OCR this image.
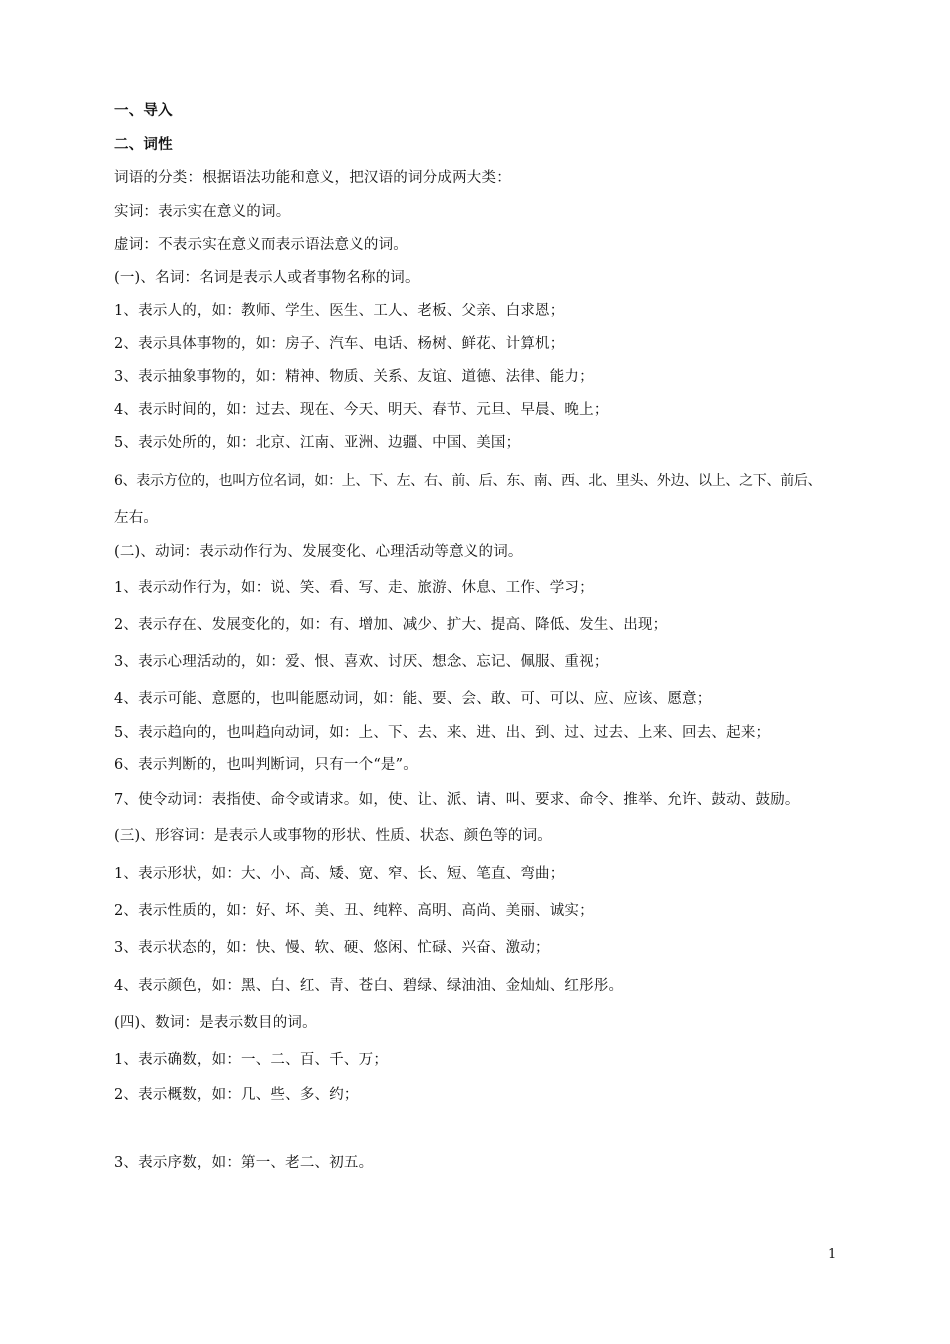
一、导入
二、词性
词语的分类：根据语法功能和意义，把汉语的词分成两大类：
实词：表示实在意义的词。
虚词：不表示实在意义而表示语法意义的词。
(一)、名词：名词是表示人或者事物名称的词。
1、表示人的，如：教师、学生、医生、工人、老板、父亲、白求恩；
2、表示具体事物的，如：房子、汽车、电话、杨树、鲜花、计算机；
3、表示抽象事物的，如：精神、物质、关系、友谊、道德、法律、能力；
4、表示时间的，如：过去、现在、今天、明天、春节、元旦、早晨、晚上；
5、表示处所的，如：北京、江南、亚洲、边疆、中国、美国；
6、表示方位的，也叫方位名词，如：上、下、左、右、前、后、东、南、西、北、里头、外边、以上、之下、前后、
左右。
(二)、动词：表示动作行为、发展变化、心理活动等意义的词。
1、表示动作行为，如：说、笑、看、写、走、旅游、休息、工作、学习；
2、表示存在、发展变化的，如：有、增加、减少、扩大、提高、降低、发生、出现；
3、表示心理活动的，如：爱、恨、喜欢、讨厌、想念、忘记、佩服、重视；
4、表示可能、意愿的，也叫能愿动词，如：能、要、会、敢、可、可以、应、应该、愿意；
5、表示趋向的，也叫趋向动词，如：上、下、去、来、进、出、到、过、过去、上来、回去、起来；
6、表示判断的，也叫判断词，只有一个“是”。
7、使令动词：表指使、命令或请求。如，使、让、派、请、叫、要求、命令、推举、允许、鼓动、鼓励。
(三)、形容词：是表示人或事物的形状、性质、状态、颜色等的词。
1、表示形状，如：大、小、高、矮、宽、窄、长、短、笔直、弯曲；
2、表示性质的，如：好、坏、美、丑、纯粹、高明、高尚、美丽、诚实；
3、表示状态的，如：快、慢、软、硬、悠闲、忙碌、兴奋、激动；
4、表示颜色，如：黑、白、红、青、苍白、碧绿、绿油油、金灿灿、红彤彤。
(四)、数词：是表示数目的词。
1、表示确数，如：一、二、百、千、万；
2、表示概数，如：几、些、多、约；
3、表示序数，如：第一、老二、初五。
1
